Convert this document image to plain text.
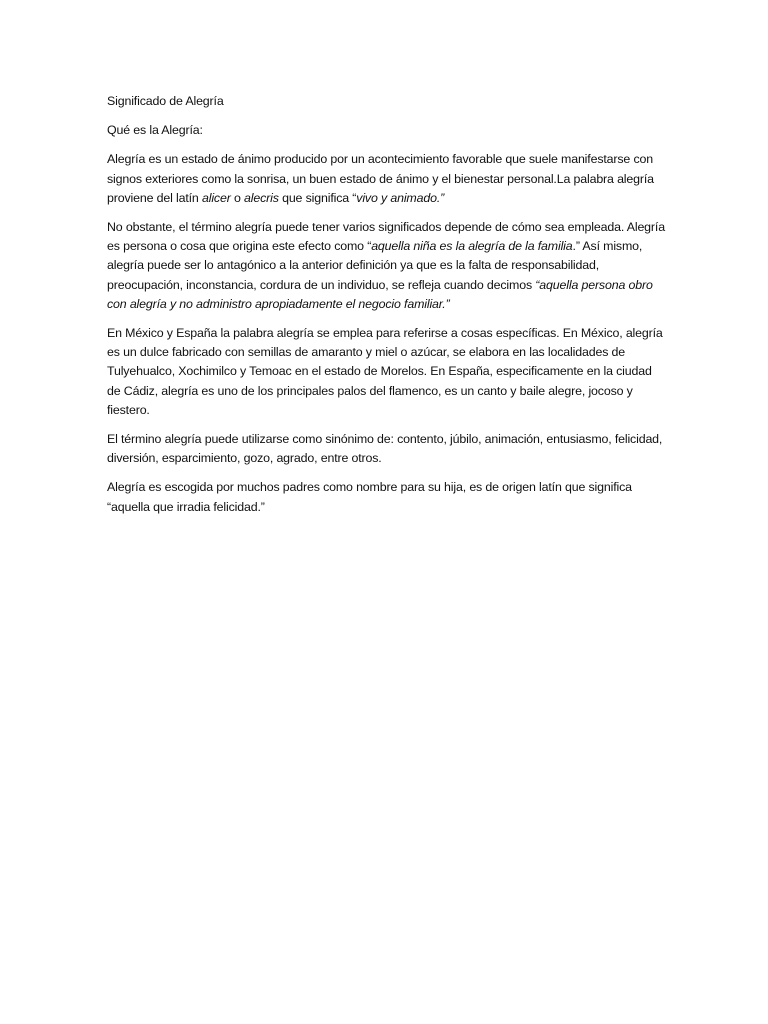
Significado de Alegría

Qué es la Alegría:

Alegría es un estado de ánimo producido por un acontecimiento favorable que suele manifestarse con signos exteriores como la sonrisa, un buen estado de ánimo y el bienestar personal.La palabra alegría proviene del latín alicer o alecris que significa “vivo y animado.”

No obstante, el término alegría puede tener varios significados depende de cómo sea empleada. Alegría es persona o cosa que origina este efecto como “aquella niña es la alegría de la familia.” Así mismo, alegría puede ser lo antagónico a la anterior definición ya que es la falta de responsabilidad, preocupación, inconstancia, cordura de un individuo, se refleja cuando decimos “aquella persona obro con alegría y no administro apropiadamente el negocio familiar.”

En México y España la palabra alegría se emplea para referirse a cosas específicas. En México, alegría es un dulce fabricado con semillas de amaranto y miel o azúcar, se elabora en las localidades de Tulyehualco, Xochimilco y Temoac en el estado de Morelos. En España, especificamente en la ciudad de Cádiz, alegría es uno de los principales palos del flamenco, es un canto y baile alegre, jocoso y fiestero.

El término alegría puede utilizarse como sinónimo de: contento, júbilo, animación, entusiasmo, felicidad, diversión, esparcimiento, gozo, agrado, entre otros.

Alegría es escogida por muchos padres como nombre para su hija, es de origen latín que significa “aquella que irradia felicidad.”
